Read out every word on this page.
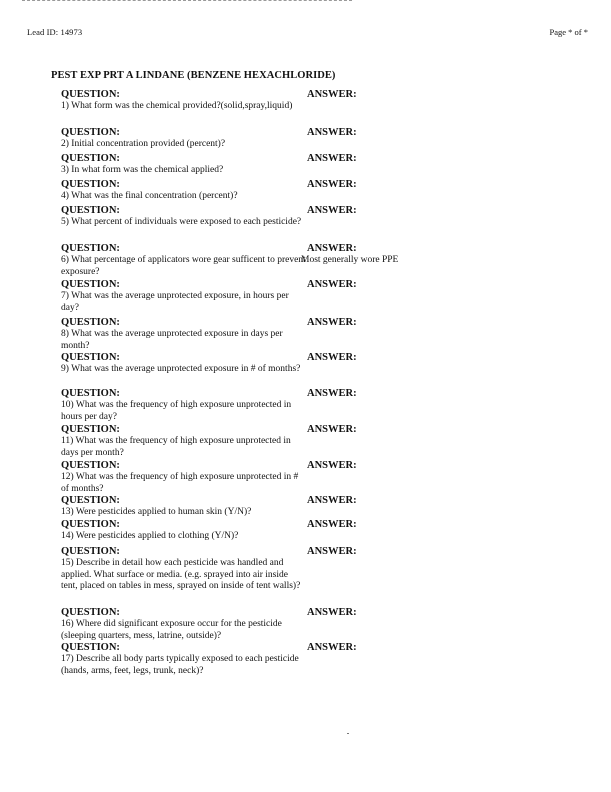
Lead ID: 14973	Page * of *
PEST EXP PRT A LINDANE (BENZENE HEXACHLORIDE)
QUESTION:
1) What form was the chemical provided?(solid,spray,liquid)
ANSWER:
QUESTION:
2) Initial concentration provided (percent)?
ANSWER:
QUESTION:
3) In what form was the chemical applied?
ANSWER:
QUESTION:
4) What was the final concentration (percent)?
ANSWER:
QUESTION:
5) What percent of individuals were exposed to each pesticide?
ANSWER:
QUESTION:
6) What percentage of applicators wore gear sufficent to prevent exposure?
ANSWER:
Most generally wore PPE
QUESTION:
7) What was the average unprotected exposure, in hours per day?
ANSWER:
QUESTION:
8) What was the average unprotected exposure in days per month?
ANSWER:
QUESTION:
9) What was the average unprotected exposure in # of months?
ANSWER:
QUESTION:
10) What was the frequency of high exposure unprotected in hours per day?
ANSWER:
QUESTION:
11) What was the frequency of high exposure unprotected in days per month?
ANSWER:
QUESTION:
12) What was the frequency of high exposure unprotected in # of months?
ANSWER:
QUESTION:
13) Were pesticides applied to human skin (Y/N)?
ANSWER:
QUESTION:
14) Were pesticides applied to clothing (Y/N)?
ANSWER:
QUESTION:
15) Describe in detail how each pesticide was handled and applied. What surface or media. (e.g. sprayed into air inside tent, placed on tables in mess, sprayed on inside of tent walls)?
ANSWER:
QUESTION:
16) Where did significant exposure occur for the pesticide (sleeping quarters, mess, latrine, outside)?
ANSWER:
QUESTION:
17) Describe all body parts typically exposed to each pesticide (hands, arms, feet, legs, trunk, neck)?
ANSWER:
